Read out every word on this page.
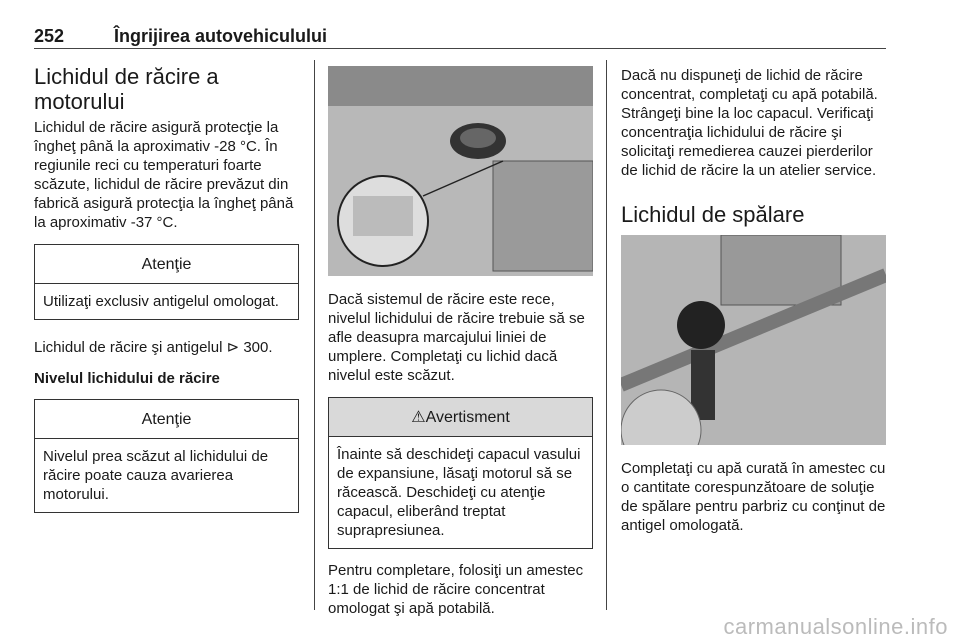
252	Îngrijirea autovehiculului
Lichidul de răcire a motorului

Lichidul de răcire asigură protecţie la îngheţ până la aproximativ -28 °C. În regiunile reci cu temperaturi foarte scăzute, lichidul de răcire prevăzut din fabrică asigură protecţia la îngheţ până la aproximativ -37 °C.

Atenţie
Utilizaţi exclusiv antigelul omologat.

Lichidul de răcire şi antigelul ⊳ 300.

Nivelul lichidului de răcire
Atenţie
Nivelul prea scăzut al lichidului de răcire poate cauza avarierea motorului.

Dacă sistemul de răcire este rece, nivelul lichidului de răcire trebuie să se afle deasupra marcajului liniei de umplere. Completaţi cu lichid dacă nivelul este scăzut.

⚠Avertisment
Înainte să deschideţi capacul vasului de expansiune, lăsaţi motorul să se răcească. Deschideţi cu atenţie capacul, eliberând treptat suprapresiunea.

Pentru completare, folosiţi un amestec 1:1 de lichid de răcire concentrat omologat şi apă potabilă.

Dacă nu dispuneţi de lichid de răcire concentrat, completaţi cu apă potabilă. Strângeţi bine la loc capacul. Verificaţi concentraţia lichidului de răcire şi solicitaţi remedierea cauzei pierderilor de lichid de răcire la un atelier service.

Lichidul de spălare

Completaţi cu apă curată în amestec cu o cantitate corespunzătoare de soluţie de spălare pentru parbriz cu conţinut de antigel omologată.

carmanualsonline.info
